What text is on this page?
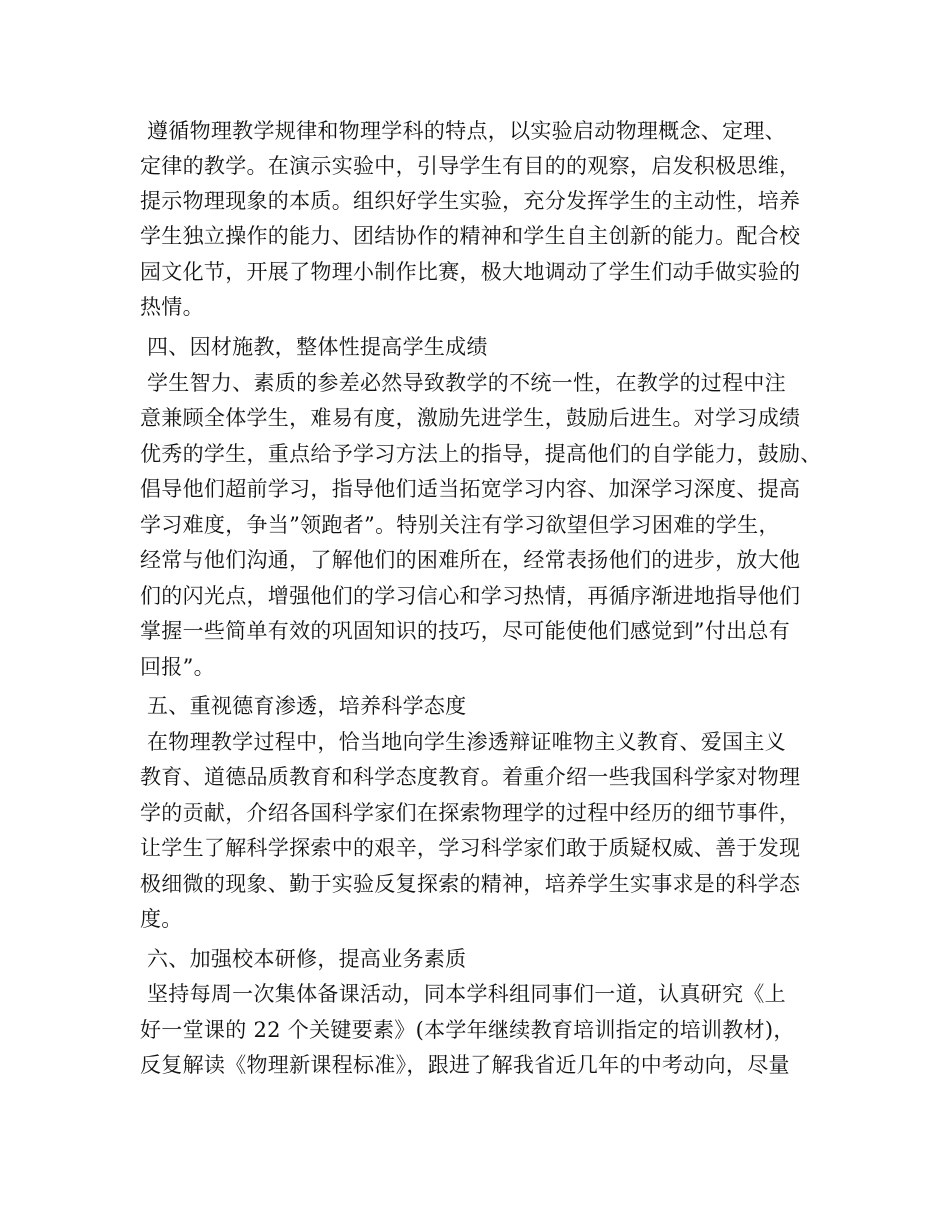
遵循物理教学规律和物理学科的特点，以实验启动物理概念、定理、
定律的教学。在演示实验中，引导学生有目的的观察，启发积极思维，
提示物理现象的本质。组织好学生实验，充分发挥学生的主动性，培养
学生独立操作的能力、团结协作的精神和学生自主创新的能力。配合校
园文化节，开展了物理小制作比赛，极大地调动了学生们动手做实验的
热情。
四、因材施教，整体性提高学生成绩
学生智力、素质的参差必然导致教学的不统一性，在教学的过程中注
意兼顾全体学生，难易有度，激励先进学生，鼓励后进生。对学习成绩
优秀的学生，重点给予学习方法上的指导，提高他们的自学能力，鼓励、
倡导他们超前学习，指导他们适当拓宽学习内容、加深学习深度、提高
学习难度，争当”领跑者”。特别关注有学习欲望但学习困难的学生，
经常与他们沟通，了解他们的困难所在，经常表扬他们的进步，放大他
们的闪光点，增强他们的学习信心和学习热情，再循序渐进地指导他们
掌握一些简单有效的巩固知识的技巧，尽可能使他们感觉到”付出总有
回报”。
五、重视德育渗透，培养科学态度
在物理教学过程中，恰当地向学生渗透辩证唯物主义教育、爱国主义
教育、道德品质教育和科学态度教育。着重介绍一些我国科学家对物理
学的贡献，介绍各国科学家们在探索物理学的过程中经历的细节事件，
让学生了解科学探索中的艰辛，学习科学家们敢于质疑权威、善于发现
极细微的现象、勤于实验反复探索的精神，培养学生实事求是的科学态
度。
六、加强校本研修，提高业务素质
坚持每周一次集体备课活动，同本学科组同事们一道，认真研究《上
好一堂课的 22 个关键要素》(本学年继续教育培训指定的培训教材)，
反复解读《物理新课程标准》，跟进了解我省近几年的中考动向，尽量
